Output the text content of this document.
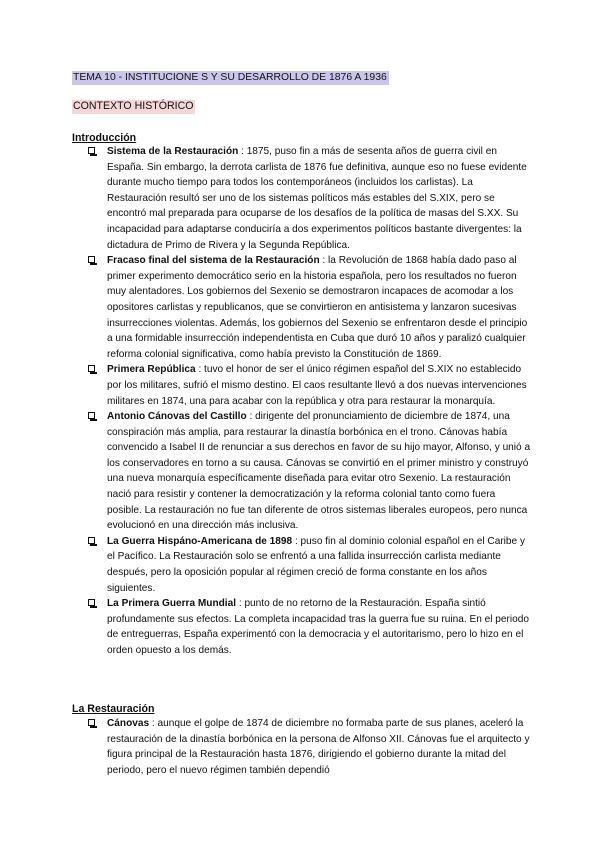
TEMA 10 - INSTITUCIONE S Y SU DESARROLLO DE 1876 A 1936
CONTEXTO HISTÓRICO
Introducción
Sistema de la Restauración : 1875, puso fin a más de sesenta años de guerra civil en España. Sin embargo, la derrota carlista de 1876 fue definitiva, aunque eso no fuese evidente durante mucho tiempo para todos los contemporáneos (incluidos los carlistas). La Restauración resultó ser uno de los sistemas políticos más estables del S.XIX, pero se encontró mal preparada para ocuparse de los desafíos de la política de masas del S.XX. Su incapacidad para adaptarse conduciría a dos experimentos políticos bastante divergentes: la dictadura de Primo de Rivera y la Segunda República.
Fracaso final del sistema de la Restauración : la Revolución de 1868 había dado paso al primer experimento democrático serio en la historia española, pero los resultados no fueron muy alentadores. Los gobiernos del Sexenio se demostraron incapaces de acomodar a los opositores carlistas y republicanos, que se convirtieron en antisistema y lanzaron sucesivas insurrecciones violentas. Además, los gobiernos del Sexenio se enfrentaron desde el principio a una formidable insurrección independentista en Cuba que duró 10 años y paralizó cualquier reforma colonial significativa, como había previsto la Constitución de 1869.
Primera República : tuvo el honor de ser el único régimen español del S.XIX no establecido por los militares, sufrió el mismo destino. El caos resultante llevó a dos nuevas intervenciones militares en 1874, una para acabar con la república y otra para restaurar la monarquía.
Antonio Cánovas del Castillo : dirigente del pronunciamiento de diciembre de 1874, una conspiración más amplia, para restaurar la dinastía borbónica en el trono. Cánovas había convencido a Isabel II de renunciar a sus derechos en favor de su hijo mayor, Alfonso, y unió a los conservadores en torno a su causa. Cánovas se convirtió en el primer ministro y construyó una nueva monarquía específicamente diseñada para evitar otro Sexenio. La restauración nació para resistir y contener la democratización y la reforma colonial tanto como fuera posible. La restauración no fue tan diferente de otros sistemas liberales europeos, pero nunca evolucionó en una dirección más inclusiva.
La Guerra Hispáno-Americana de 1898 : puso fin al dominio colonial español en el Caribe y el Pacífico. La Restauración solo se enfrentó a una fallida insurrección carlista mediante después, pero la oposición popular al régimen creció de forma constante en los años siguientes.
La Primera Guerra Mundial : punto de no retorno de la Restauración. España sintió profundamente sus efectos. La completa incapacidad tras la guerra fue su ruina. En el periodo de entreguerras, España experimentó con la democracia y el autoritarismo, pero lo hizo en el orden opuesto a los demás.
La Restauración
Cánovas : aunque el golpe de 1874 de diciembre no formaba parte de sus planes, aceleró la restauración de la dinastía borbónica en la persona de Alfonso XII. Cánovas fue el arquitecto y figura principal de la Restauración hasta 1876, dirigiendo el gobierno durante la mitad del periodo, pero el nuevo régimen también dependió
